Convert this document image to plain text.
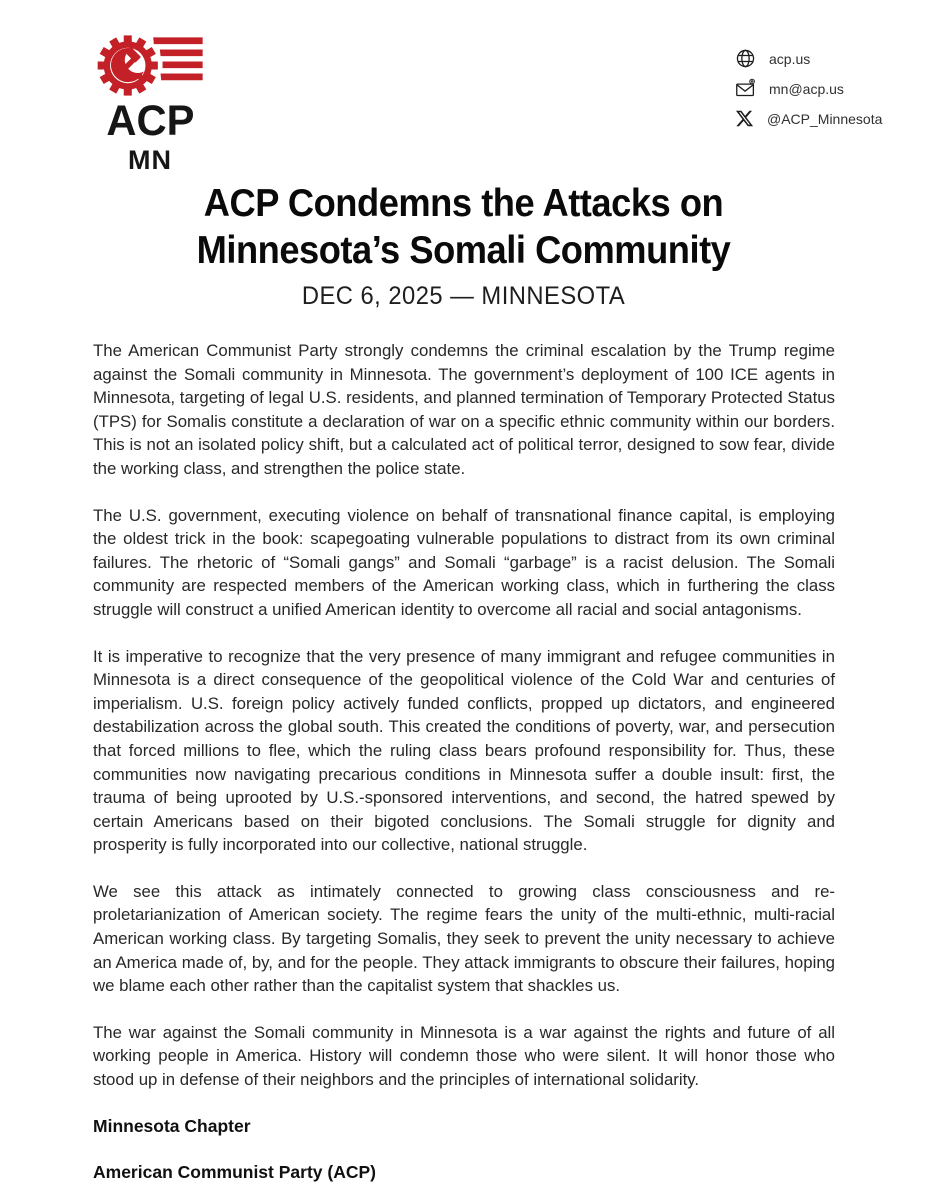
ACP
MN
acp.us
mn@acp.us
@ACP_Minnesota
ACP Condemns the Attacks on
Minnesota’s Somali Community
DEC 6, 2025 — MINNESOTA

The American Communist Party strongly condemns the criminal escalation by the Trump regime against the Somali community in Minnesota. The government’s deployment of 100 ICE agents in Minnesota, targeting of legal U.S. residents, and planned termination of Temporary Protected Status (TPS) for Somalis constitute a declaration of war on a specific ethnic community within our borders. This is not an isolated policy shift, but a calculated act of political terror, designed to sow fear, divide the working class, and strengthen the police state.

The U.S. government, executing violence on behalf of transnational finance capital, is employing the oldest trick in the book: scapegoating vulnerable populations to distract from its own criminal failures. The rhetoric of “Somali gangs” and Somali “garbage” is a racist delusion. The Somali community are respected members of the American working class, which in furthering the class struggle will construct a unified American identity to overcome all racial and social antagonisms.

It is imperative to recognize that the very presence of many immigrant and refugee communities in Minnesota is a direct consequence of the geopolitical violence of the Cold War and centuries of imperialism. U.S. foreign policy actively funded conflicts, propped up dictators, and engineered destabilization across the global south. This created the conditions of poverty, war, and persecution that forced millions to flee, which the ruling class bears profound responsibility for. Thus, these communities now navigating precarious conditions in Minnesota suffer a double insult: first, the trauma of being uprooted by U.S.-sponsored interventions, and second, the hatred spewed by certain Americans based on their bigoted conclusions. The Somali struggle for dignity and prosperity is fully incorporated into our collective, national struggle.

We see this attack as intimately connected to growing class consciousness and re-proletarianization of American society. The regime fears the unity of the multi-ethnic, multi-racial American working class. By targeting Somalis, they seek to prevent the unity necessary to achieve an America made of, by, and for the people. They attack immigrants to obscure their failures, hoping we blame each other rather than the capitalist system that shackles us.

The war against the Somali community in Minnesota is a war against the rights and future of all working people in America. History will condemn those who were silent. It will honor those who stood up in defense of their neighbors and the principles of international solidarity.

Minnesota Chapter

American Communist Party (ACP)
